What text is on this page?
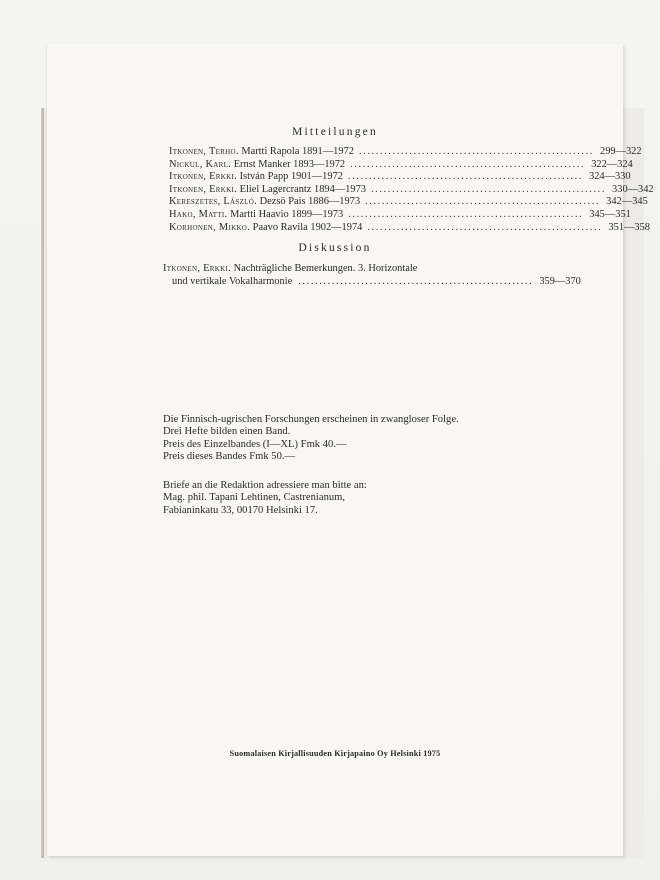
Mitteilungen
Itkonen, Terho.
Martti Rapola 1891—1972 ........................................................ 299—322
Nickul, Karl.
Ernst Manker 1893—1972 ........................................................ 322—324
Itkonen, Erkki.
István Papp 1901—1972 ........................................................ 324—330
Itkonen, Erkki.
Eliel Lagercrantz 1894—1973 ........................................................ 330—342
Kereszetes, László.
Dezsö Pais 1886—1973 ........................................................ 342—345
Hako, Matti.
Martti Haavio 1899—1973 ........................................................ 345—351
Korhonen, Mikko.
Paavo Ravila 1902—1974 ........................................................ 351—358
Diskussion
Itkonen, Erkki. Nachträgliche Bemerkungen. 3. Horizontale
und vertikale Vokalharmonie ........................................................ 359—370
Die Finnisch-ugrischen Forschungen erscheinen in zwangloser Folge.
Drei Hefte bilden einen Band.
Preis des Einzelbandes (I—XL) Fmk 40.—
Preis dieses Bandes Fmk 50.—
Briefe an die Redaktion adressiere man bitte an:
Mag. phil. Tapani Lehtinen, Castrenianum,
Fabianinkatu 33, 00170 Helsinki 17.
Suomalaisen Kirjallisuuden Kirjapaino Oy Helsinki 1975
